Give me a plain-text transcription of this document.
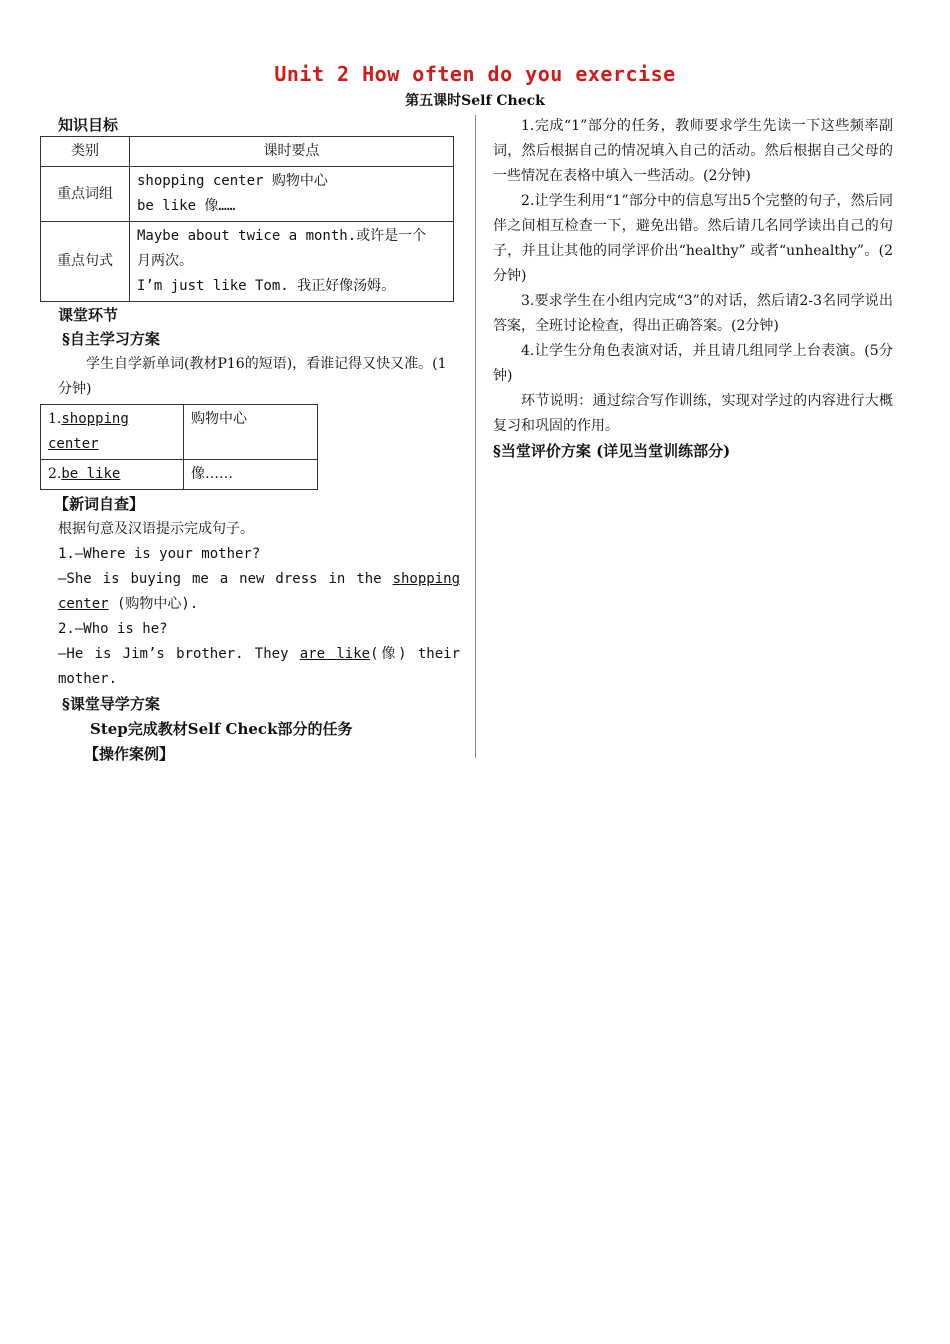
Unit 2 How often do you exercise
第五课时Self Check

知识目标

类别	课时要点
重点词组	shopping center 购物中心
be like 像……

重点句式	Maybe about twice a month.或许是一个
月两次。
I’m just like Tom. 我正好像汤姆。

课堂环节

§自主学习方案

学生自学新单词(教材P16的短语)，看谁记得又快又准。(1分钟)

1.shopping center	购物中心
2.be like	像……

【新词自查】

根据句意及汉语提示完成句子。

1.—Where is your mother?

—She is buying me a new dress in the shopping center (购物中心).

2.—Who is he?

—He is Jim’s brother. They are like(像) their mother.

§课堂导学方案

Step完成教材Self Check部分的任务

【操作案例】

1.完成“1”部分的任务，教师要求学生先读一下这些频率副词，然后根据自己的情况填入自己的活动。然后根据自己父母的一些情况在表格中填入一些活动。(2分钟)

2.让学生利用“1”部分中的信息写出5个完整的句子，然后同伴之间相互检查一下，避免出错。然后请几名同学读出自己的句子，并且让其他的同学评价出“healthy” 或者“unhealthy”。(2分钟)

3.要求学生在小组内完成“3”的对话，然后请2-3名同学说出答案，全班讨论检查，得出正确答案。(2分钟)

4.让学生分角色表演对话，并且请几组同学上台表演。(5分钟)

环节说明：通过综合写作训练，实现对学过的内容进行大概复习和巩固的作用。

§当堂评价方案 (详见当堂训练部分)
